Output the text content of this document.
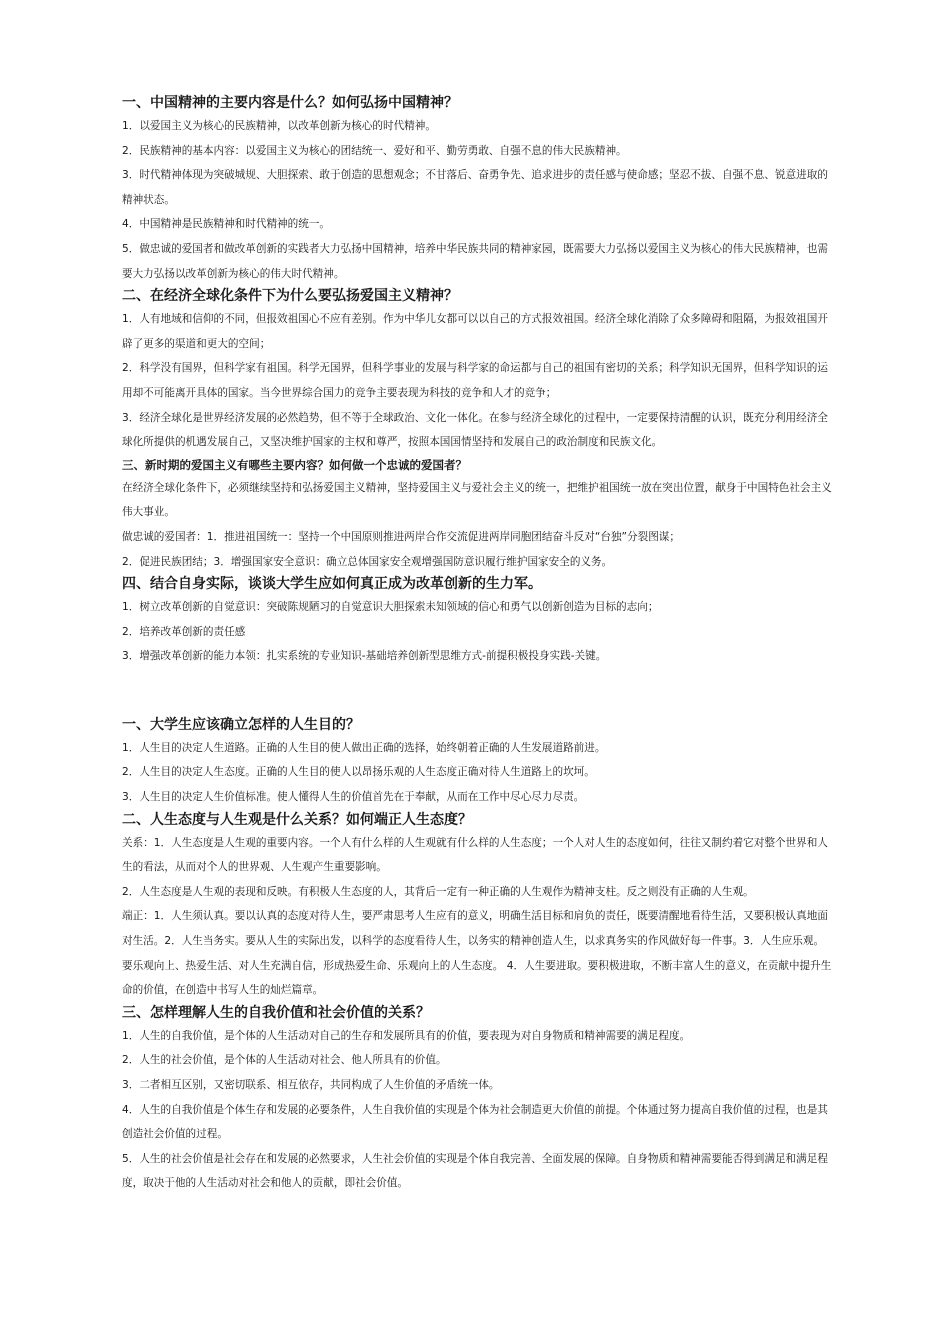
一、中国精神的主要内容是什么？如何弘扬中国精神？

1．以爱国主义为核心的民族精神，以改革创新为核心的时代精神。

2．民族精神的基本内容：以爱国主义为核心的团结统一、爱好和平、勤劳勇敢、自强不息的伟大民族精神。

3．时代精神体现为突破城规、大胆探索、敢于创造的思想观念；不甘落后、奋勇争先、追求进步的责任感与使命感；坚忍不拔、自强不息、锐意进取的精神状态。

4．中国精神是民族精神和时代精神的统一。

5．做忠诚的爱国者和做改革创新的实践者大力弘扬中国精神，培养中华民族共同的精神家园，既需要大力弘扬以爱国主义为核心的伟大民族精神，也需要大力弘扬以改革创新为核心的伟大时代精神。

二、在经济全球化条件下为什么要弘扬爱国主义精神？

1．人有地域和信仰的不同，但报效祖国心不应有差别。作为中华儿女都可以以自己的方式报效祖国。经济全球化消除了众多障碍和阻隔，为报效祖国开辟了更多的渠道和更大的空间；

2．科学没有国界，但科学家有祖国。科学无国界，但科学事业的发展与科学家的命运都与自己的祖国有密切的关系；科学知识无国界，但科学知识的运用却不可能离开具体的国家。当今世界综合国力的竞争主要表现为科技的竞争和人才的竞争；

3．经济全球化是世界经济发展的必然趋势，但不等于全球政治、文化一体化。在参与经济全球化的过程中，一定要保持清醒的认识，既充分利用经济全球化所提供的机遇发展自己，又坚决维护国家的主权和尊严，按照本国国情坚持和发展自己的政治制度和民族文化。

三、新时期的爱国主义有哪些主要内容？如何做一个忠诚的爱国者？

在经济全球化条件下，必须继续坚持和弘扬爱国主义精神，坚持爱国主义与爱社会主义的统一，把维护祖国统一放在突出位置，献身于中国特色社会主义伟大事业。

做忠诚的爱国者：1．推进祖国统一：坚持一个中国原则推进两岸合作交流促进两岸同胞团结奋斗反对“台独”分裂图谋；

2．促进民族团结；3．增强国家安全意识：确立总体国家安全观增强国防意识履行维护国家安全的义务。

四、结合自身实际，谈谈大学生应如何真正成为改革创新的生力军。

1．树立改革创新的自觉意识：突破陈规陋习的自觉意识大胆探索未知领域的信心和勇气以创新创造为目标的志向；

2．培养改革创新的责任感

3．增强改革创新的能力本领：扎实系统的专业知识-基础培养创新型思维方式-前提积极投身实践-关键。

一、大学生应该确立怎样的人生目的？

1．人生目的决定人生道路。正确的人生目的使人做出正确的选择，始终朝着正确的人生发展道路前进。

2．人生目的决定人生态度。正确的人生目的使人以昂扬乐观的人生态度正确对待人生道路上的坎坷。

3．人生目的决定人生价值标准。使人懂得人生的价值首先在于奉献，从而在工作中尽心尽力尽责。

二、人生态度与人生观是什么关系？如何端正人生态度？

关系：1．人生态度是人生观的重要内容。一个人有什么样的人生观就有什么样的人生态度；一个人对人生的态度如何，往往又制约着它对整个世界和人生的看法，从而对个人的世界观、人生观产生重要影响。

2．人生态度是人生观的表现和反映。有积极人生态度的人，其背后一定有一种正确的人生观作为精神支柱。反之则没有正确的人生观。

端正：1．人生须认真。要以认真的态度对待人生，要严肃思考人生应有的意义，明确生活目标和肩负的责任，既要清醒地看待生活，又要积极认真地面对生活。2．人生当务实。要从人生的实际出发，以科学的态度看待人生，以务实的精神创造人生，以求真务实的作风做好每一件事。3．人生应乐观。要乐观向上、热爱生活、对人生充满自信，形成热爱生命、乐观向上的人生态度。 4．人生要进取。要积极进取，不断丰富人生的意义，在贡献中提升生命的价值，在创造中书写人生的灿烂篇章。

三、怎样理解人生的自我价值和社会价值的关系？

1．人生的自我价值，是个体的人生活动对自己的生存和发展所具有的价值，要表现为对自身物质和精神需要的满足程度。

2．人生的社会价值，是个体的人生活动对社会、他人所具有的价值。

3．二者相互区别，又密切联系、相互依存，共同构成了人生价值的矛盾统一体。

4．人生的自我价值是个体生存和发展的必要条件，人生自我价值的实现是个体为社会制造更大价值的前提。个体通过努力提高自我价值的过程，也是其创造社会价值的过程。

5．人生的社会价值是社会存在和发展的必然要求，人生社会价值的实现是个体自我完善、全面发展的保障。自身物质和精神需要能否得到满足和满足程度，取决于他的人生活动对社会和他人的贡献，即社会价值。
